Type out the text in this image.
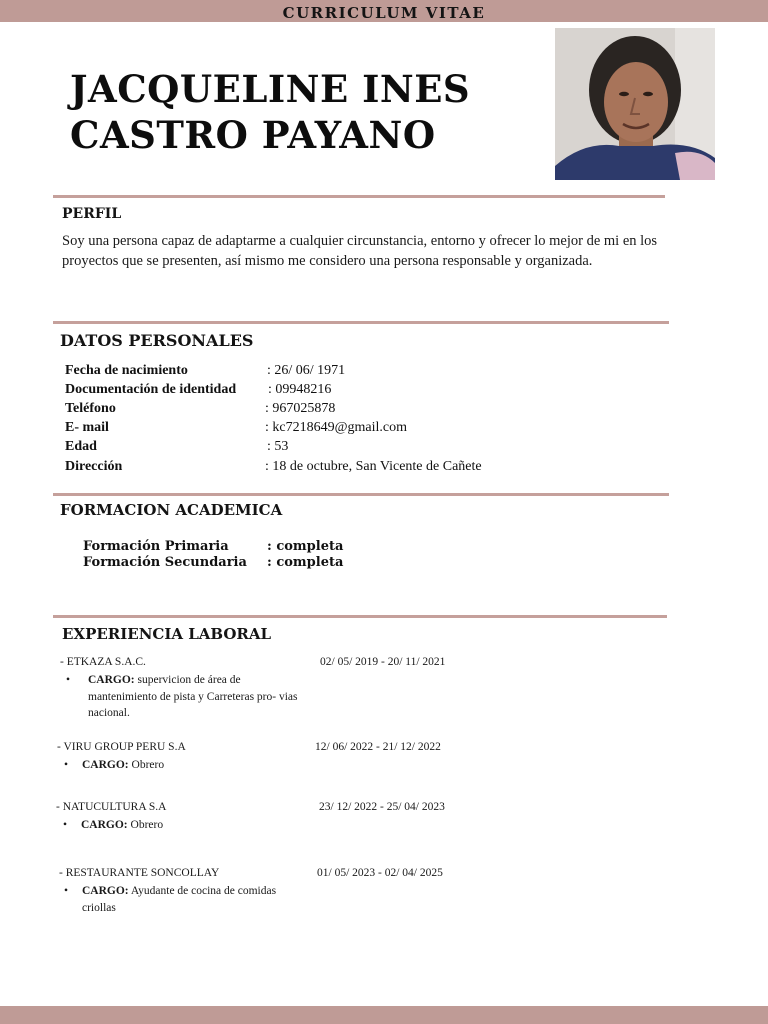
CURRICULUM VITAE
JACQUELINE INES
CASTRO PAYANO
PERFIL
Soy una persona capaz de adaptarme a cualquier circunstancia, entorno y ofrecer lo mejor de mi en los proyectos que se presenten, así mismo me considero una persona responsable y organizada.
DATOS PERSONALES
Fecha de nacimiento	: 26/ 06/ 1971
Documentación de identidad : 09948216
Teléfono	: 967025878
E- mail	: kc7218649@gmail.com
Edad	: 53
Dirección	: 18 de octubre, San Vicente de Cañete
FORMACION ACADEMICA
Formación Primaria	: completa
Formación Secundaria : completa
EXPERIENCIA LABORAL
- ETKAZA S.A.C.	02/ 05/ 2019 - 20/ 11/ 2021
• CARGO: supervicion de área de mantenimiento de pista y Carreteras pro- vias nacional.
- VIRU GROUP PERU S.A	12/ 06/ 2022 - 21/ 12/ 2022
• CARGO: Obrero
- NATUCULTURA S.A	23/ 12/ 2022 - 25/ 04/ 2023
• CARGO: Obrero
- RESTAURANTE SONCOLLAY	01/ 05/ 2023 - 02/ 04/ 2025
• CARGO: Ayudante de cocina de comidas criollas
